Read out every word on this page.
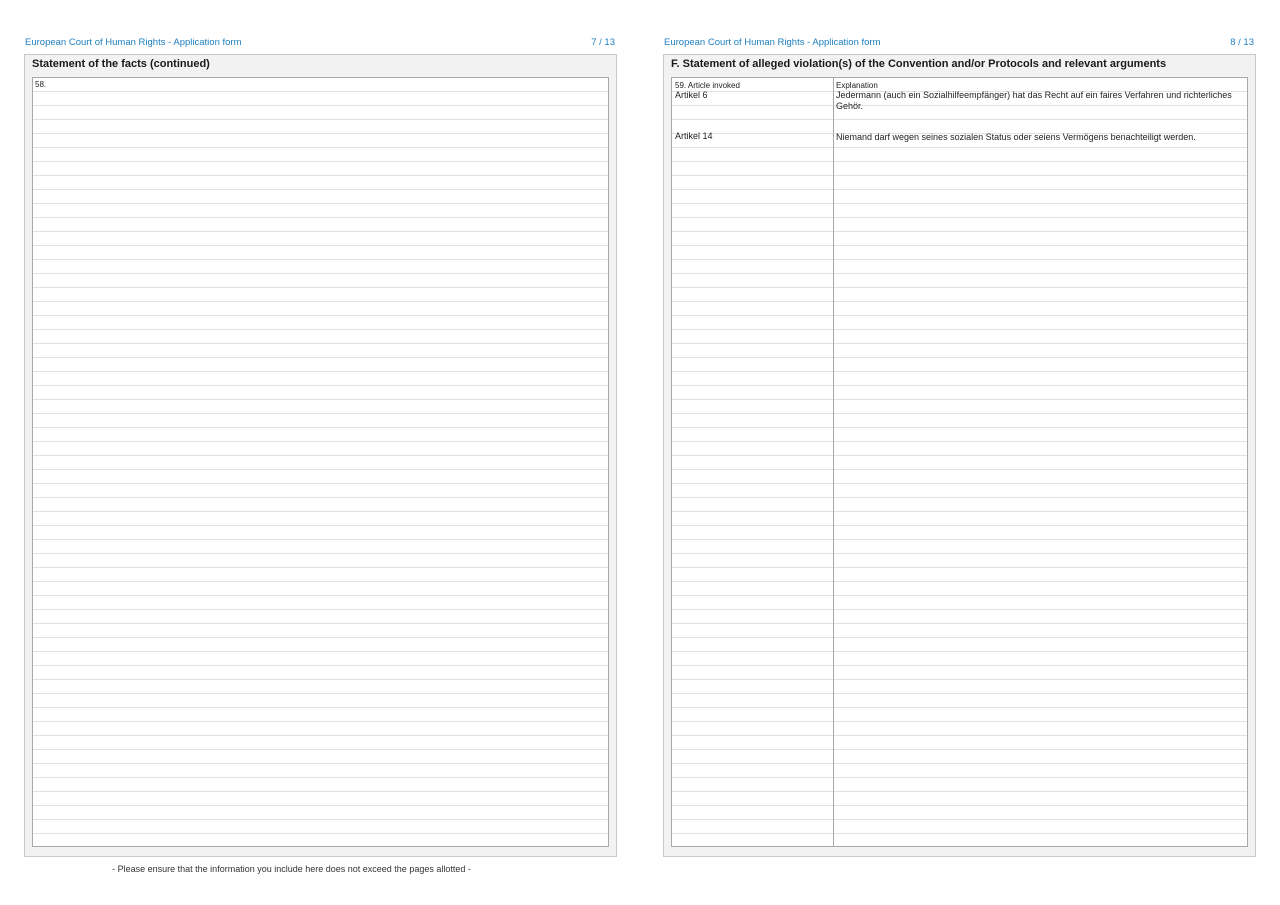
European Court of Human Rights - Application form	7 / 13
Statement of the facts (continued)
58.
European Court of Human Rights - Application form	8 / 13
F. Statement of alleged violation(s) of the Convention and/or Protocols and relevant arguments
59. Article invoked	Explanation
Artikel 6	Jedermann (auch ein Sozialhilfeempfänger) hat das Recht auf ein faires Verfahren und richterliches Gehör.
Artikel 14	Niemand darf wegen seines sozialen Status oder seiens Vermögens benachteiligt werden.
- Please ensure that the information you include here does not exceed the pages allotted -
